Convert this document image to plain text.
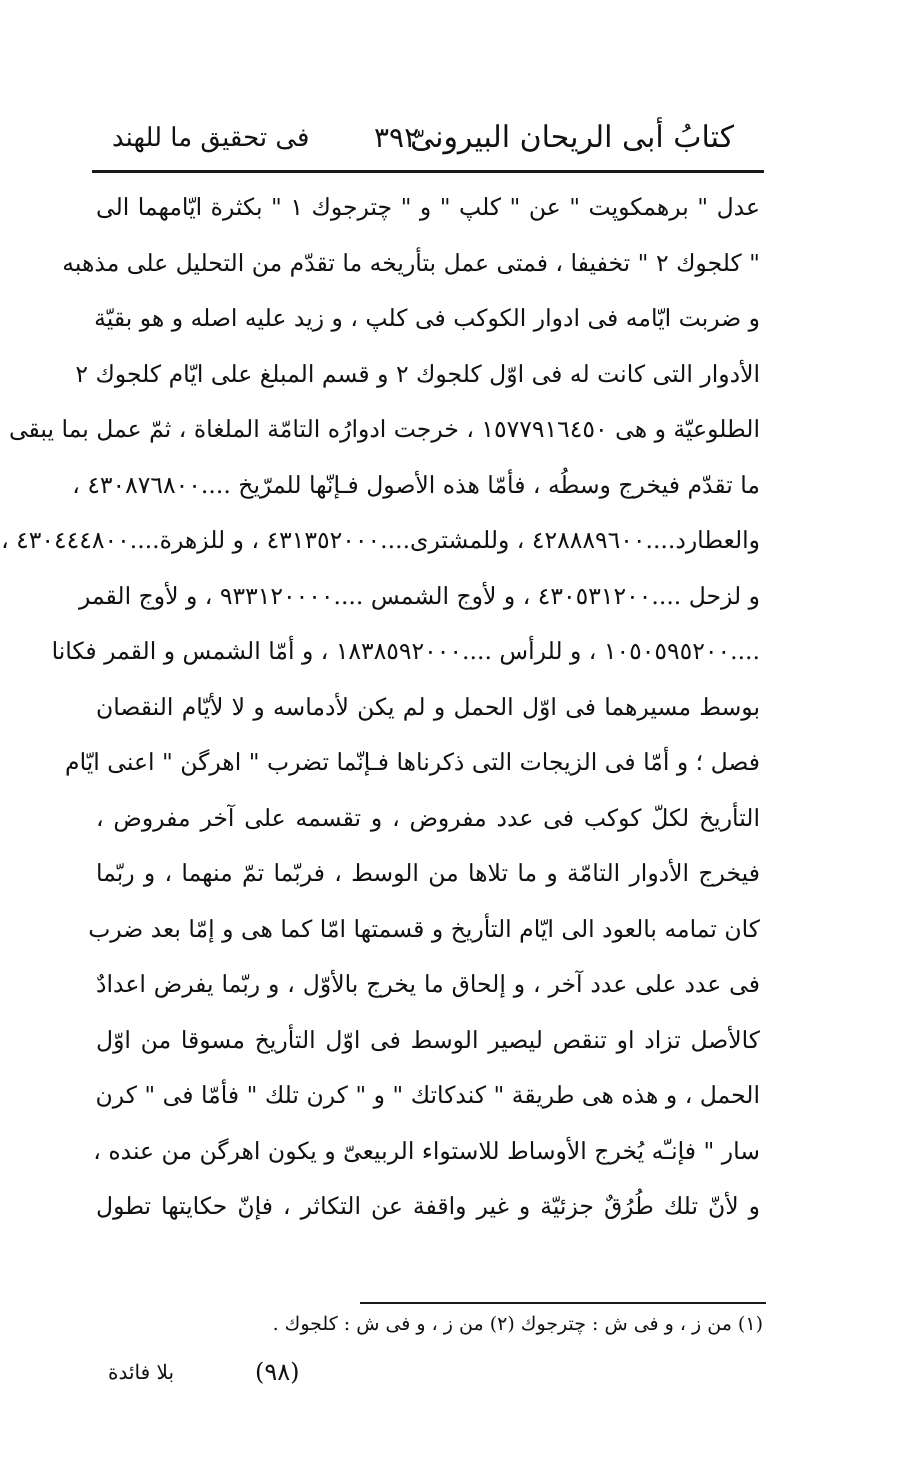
كتابُ أبى الريحان البيرونىّ
٣٩٢
فى تحقيق ما للهند
عدل " برهمكوپت " عن " كلپ " و " چترجوك ١ " بكثرة ايّامهما الى
" كلجوك ٢ " تخفيفا ، فمتى عمل بتأريخه ما تقدّم من التحليل على مذهبه
و ضربت ايّامه فى ادوار الكوكب فى كلپ ، و زيد عليه اصله و هو بقيّة
الأدوار التى كانت له فى اوّل كلجوك ٢ و قسم المبلغ على ايّام كلجوك ٢
الطلوعيّة و هى ١٥٧٧٩١٦٤٥٠ ، خرجت ادوارُه التامّة الملغاة ، ثمّ عمل بما يبقى
ما تقدّم فيخرج وسطُه ، فأمّا هذه الأصول فـإنّها للمرّيخ ....٤٣٠٨٧٦٨٠٠ ،
والعطارد....٤٢٨٨٨٩٦٠٠ ، وللمشترى....٤٣١٣٥٢٠٠٠ ، و للزهرة....٤٣٠٤٤٤٨٠٠ ،
و لزحل ....٤٣٠٥٣١٢٠٠ ، و لأوج الشمس ....٩٣٣١٢٠٠٠٠ ، و لأوج القمر
....١٠٥٠٥٩٥٢٠٠ ، و للرأس ....١٨٣٨٥٩٢٠٠٠ ، و أمّا الشمس و القمر فكانا
بوسط مسيرهما فى اوّل الحمل و لم يكن لأدماسه و لا لأيّام النقصان
فصل ؛ و أمّا فى الزيجات التى ذكرناها فـإنّما تضرب " اهرگن " اعنى ايّام
التأريخ لكلّ كوكب فى عدد مفروض ، و تقسمه على آخر مفروض ،
فيخرج الأدوار التامّة و ما تلاها من الوسط ، فربّما تمّ منهما ، و ربّما
كان تمامه بالعود الى ايّام التأريخ و قسمتها امّا كما هى و إمّا بعد ضرب
فى عدد على عدد آخر ، و إلحاق ما يخرج بالأوّل ، و ربّما يفرض اعدادٌ
كالأصل تزاد او تنقص ليصير الوسط فى اوّل التأريخ مسوقا من اوّل
الحمل ، و هذه هى طريقة " كندكاتك " و " كرن تلك " فأمّا فى " كرن
سار " فإنـّه يُخرج الأوساط للاستواء الربيعىّ و يكون اهرگن من عنده ،
و لأنّ تلك طُرُقٌ جزئيّة و غير واقفة عن التكاثر ، فإنّ حكايتها تطول
(١) من ز ، و فى ش : چترجوك (٢) من ز ، و فى ش : كلجوك .
(٩٨)
بلا فائدة
